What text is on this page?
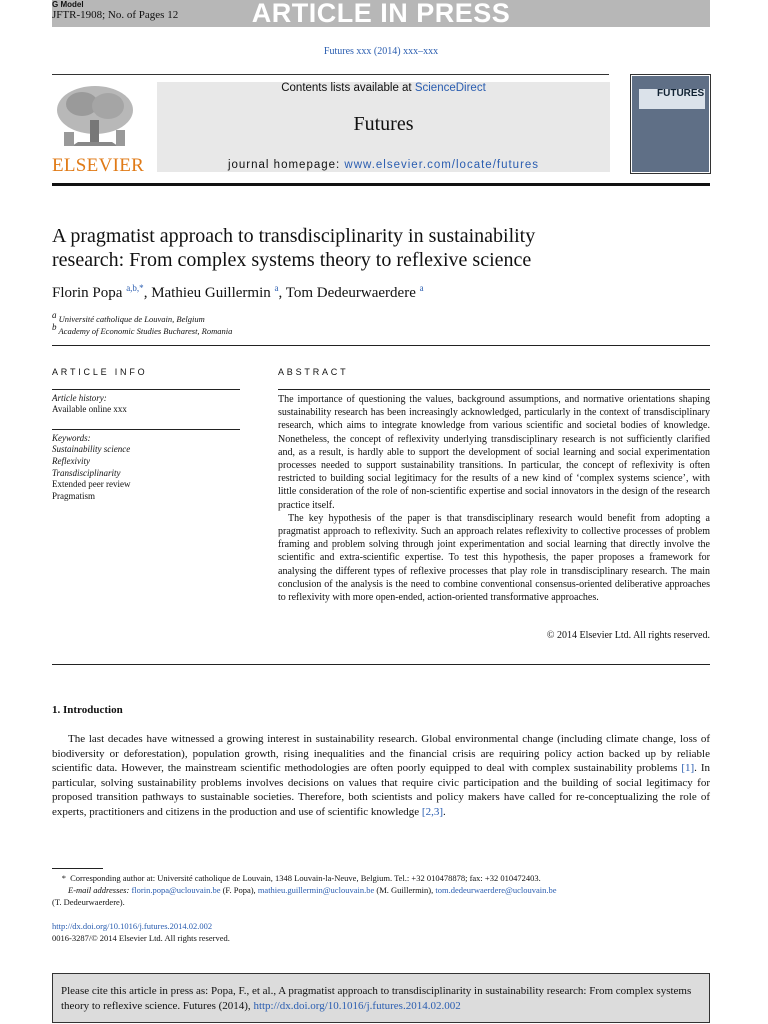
G Model
JFTR-1908; No. of Pages 12	ARTICLE IN PRESS
Futures xxx (2014) xxx–xxx
Contents lists available at ScienceDirect
Futures
journal homepage: www.elsevier.com/locate/futures
ELSEVIER
FUTURES
A pragmatist approach to transdisciplinarity in sustainability
research: From complex systems theory to reflexive science
Florin Popa $^{a,b,*}$, Mathieu Guillermin $^a$, Tom Dedeurwaerdere $^a$
$^a$ Université catholique de Louvain, Belgium
$^b$ Academy of Economic Studies Bucharest, Romania
ARTICLE INFO	ABSTRACT
Article history:
Available online xxx
Keywords:
Sustainability science
Reflexivity
Transdisciplinarity
Extended peer review
Pragmatism

The importance of questioning the values, background assumptions, and normative orientations shaping sustainability research has been increasingly acknowledged, particularly in the context of transdisciplinary research, which aims to integrate knowledge from various scientific and societal bodies of knowledge. Nonetheless, the concept of reflexivity underlying transdisciplinary research is not sufficiently clarified and, as a result, is hardly able to support the development of social learning and social experimentation processes needed to support sustainability transitions. In particular, the concept of reflexivity is often restricted to building social legitimacy for the results of a new kind of ‘complex systems science’, with little consideration of the role of non-scientific expertise and social innovators in the design of the research practice itself.

The key hypothesis of the paper is that transdisciplinary research would benefit from adopting a pragmatist approach to reflexivity. Such an approach relates reflexivity to collective processes of problem framing and problem solving through joint experimentation and social learning that directly involve the scientific and extra-scientific expertise. To test this hypothesis, the paper proposes a framework for analysing the different types of reflexive processes that play role in transdisciplinary research. The main conclusion of the analysis is the need to combine conventional consensus-oriented deliberative approaches to reflexivity with more open-ended, action-oriented transformative approaches.

© 2014 Elsevier Ltd. All rights reserved.
1. Introduction

The last decades have witnessed a growing interest in sustainability research. Global environmental change (including climate change, loss of biodiversity or deforestation), population growth, rising inequalities and the financial crisis are requiring policy action backed up by reliable scientific data. However, the mainstream scientific methodologies are often poorly equipped to deal with complex sustainability problems [1]. In particular, solving sustainability problems involves decisions on values that require civic participation and the building of social legitimacy for proposed transition pathways to sustainable societies. Therefore, both scientists and policy makers have called for re-conceptualizing the role of experts, practitioners and citizens in the production and use of scientific knowledge [2,3].

* Corresponding author at: Université catholique de Louvain, 1348 Louvain-la-Neuve, Belgium. Tel.: +32 010478878; fax: +32 010472403.
E-mail addresses: florin.popa@uclouvain.be (F. Popa), mathieu.guillermin@uclouvain.be (M. Guillermin), tom.dedeurwaerdere@uclouvain.be
(T. Dedeurwaerdere).
http://dx.doi.org/10.1016/j.futures.2014.02.002
0016-3287/© 2014 Elsevier Ltd. All rights reserved.
Please cite this article in press as: Popa, F., et al., A pragmatist approach to transdisciplinarity in sustainability research: From complex systems theory to reflexive science. Futures (2014), http://dx.doi.org/10.1016/j.futures.2014.02.002
